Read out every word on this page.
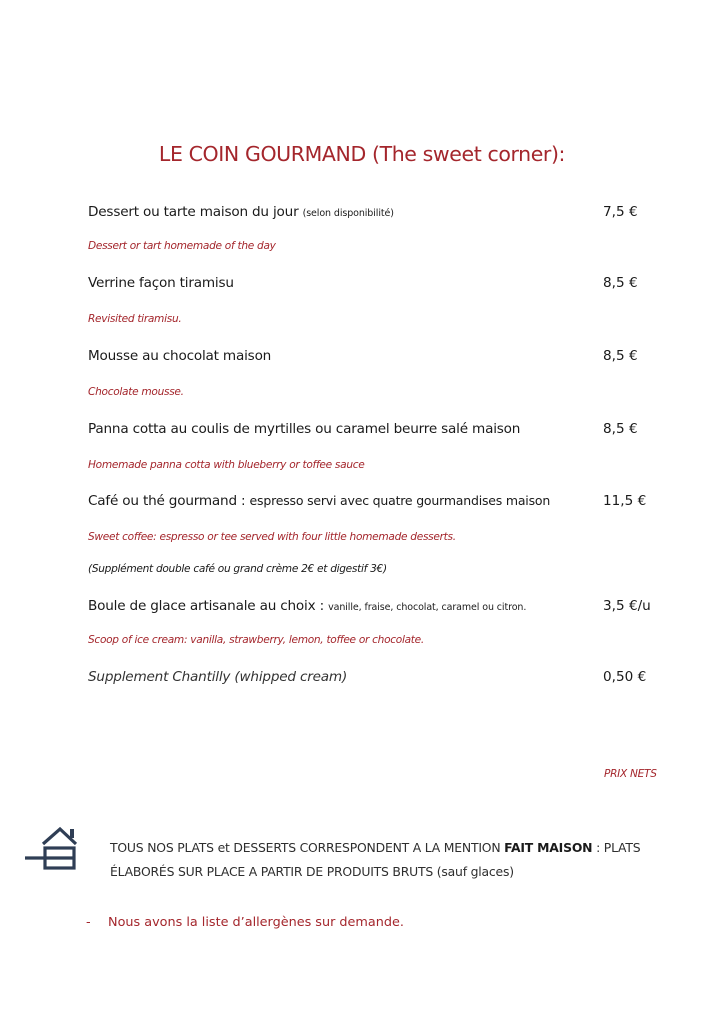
LE COIN GOURMAND (The sweet corner):
Dessert ou tarte maison du jour (selon disponibilité)	7,5 €
Dessert or tart homemade of the day
Verrine façon tiramisu	8,5 €
Revisited tiramisu.
Mousse au chocolat maison	8,5 €
Chocolate mousse.
Panna cotta au coulis de myrtilles ou caramel beurre salé maison	8,5 €
Homemade panna cotta with blueberry or toffee sauce
Café ou thé gourmand : espresso servi avec quatre gourmandises maison	11,5 €
Sweet coffee: espresso or tee served with four little homemade desserts.
(Supplément double café ou grand crème 2€ et digestif 3€)
Boule de glace artisanale au choix : vanille, fraise, chocolat, caramel ou citron.	3,5 €/u
Scoop of ice cream: vanilla, strawberry, lemon, toffee or chocolate.
Supplement Chantilly (whipped cream)	0,50 €
PRIX NETS
TOUS NOS PLATS et DESSERTS CORRESPONDENT A LA MENTION FAIT MAISON : PLATS ÉLABORÉS SUR PLACE A PARTIR DE PRODUITS BRUTS (sauf glaces)
- Nous avons la liste d’allergènes sur demande.
